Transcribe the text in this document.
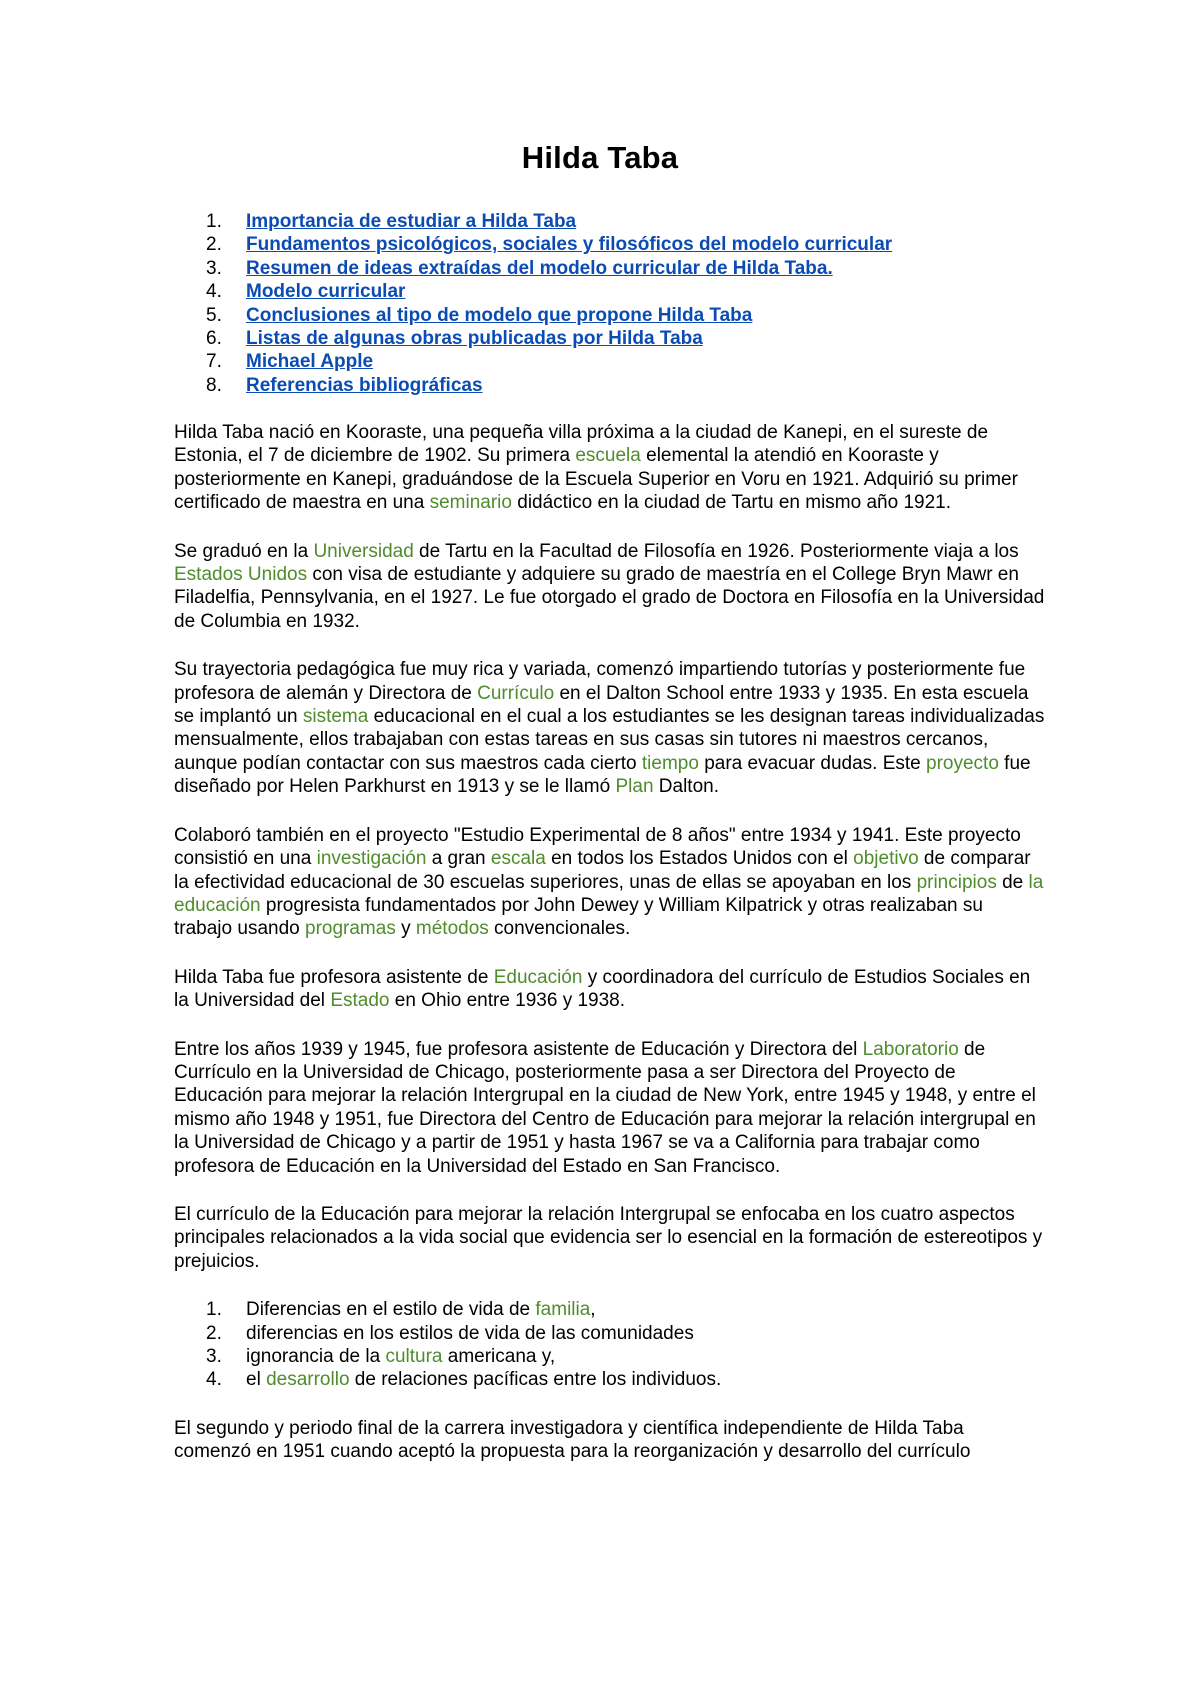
Hilda Taba
1.	Importancia de estudiar a Hilda Taba
2.	Fundamentos psicológicos, sociales y filosóficos del modelo curricular
3.	Resumen de ideas extraídas del modelo curricular de Hilda Taba.
4.	Modelo curricular
5.	Conclusiones al tipo de modelo que propone Hilda Taba
6.	Listas de algunas obras publicadas por Hilda Taba
7.	Michael Apple
8.	Referencias bibliográficas

Hilda Taba nació en Kooraste, una pequeña villa próxima a la ciudad de Kanepi, en el sureste de Estonia, el 7 de diciembre de 1902. Su primera escuela elemental la atendió en Kooraste y posteriormente en Kanepi, graduándose de la Escuela Superior en Voru en 1921. Adquirió su primer certificado de maestra en una seminario didáctico en la ciudad de Tartu en mismo año 1921.

Se graduó en la Universidad de Tartu en la Facultad de Filosofía en 1926. Posteriormente viaja a los Estados Unidos con visa de estudiante y adquiere su grado de maestría en el College Bryn Mawr en Filadelfia, Pennsylvania, en el 1927. Le fue otorgado el grado de Doctora en Filosofía en la Universidad de Columbia en 1932.

Su trayectoria pedagógica fue muy rica y variada, comenzó impartiendo tutorías y posteriormente fue profesora de alemán y Directora de Currículo en el Dalton School entre 1933 y 1935. En esta escuela se implantó un sistema educacional en el cual a los estudiantes se les designan tareas individualizadas mensualmente, ellos trabajaban con estas tareas en sus casas sin tutores ni maestros cercanos, aunque podían contactar con sus maestros cada cierto tiempo para evacuar dudas. Este proyecto fue diseñado por Helen Parkhurst en 1913 y se le llamó Plan Dalton.

Colaboró también en el proyecto "Estudio Experimental de 8 años" entre 1934 y 1941. Este proyecto consistió en una investigación a gran escala en todos los Estados Unidos con el objetivo de comparar la efectividad educacional de 30 escuelas superiores, unas de ellas se apoyaban en los principios de la educación progresista fundamentados por John Dewey y William Kilpatrick y otras realizaban su trabajo usando programas y métodos convencionales.

Hilda Taba fue profesora asistente de Educación y coordinadora del currículo de Estudios Sociales en la Universidad del Estado en Ohio entre 1936 y 1938.

Entre los años 1939 y 1945, fue profesora asistente de Educación y Directora del Laboratorio de Currículo en la Universidad de Chicago, posteriormente pasa a ser Directora del Proyecto de Educación para mejorar la relación Intergrupal en la ciudad de New York, entre 1945 y 1948, y entre el mismo año 1948 y 1951, fue Directora del Centro de Educación para mejorar la relación intergrupal en la Universidad de Chicago y a partir de 1951 y hasta 1967 se va a California para trabajar como profesora de Educación en la Universidad del Estado en San Francisco.

El currículo de la Educación para mejorar la relación Intergrupal se enfocaba en los cuatro aspectos principales relacionados a la vida social que evidencia ser lo esencial en la formación de estereotipos y prejuicios.

1. Diferencias en el estilo de vida de familia,
2. diferencias en los estilos de vida de las comunidades
3. ignorancia de la cultura americana y,
4. el desarrollo de relaciones pacíficas entre los individuos.

El segundo y periodo final de la carrera investigadora y científica independiente de Hilda Taba comenzó en 1951 cuando aceptó la propuesta para la reorganización y desarrollo del currículo
